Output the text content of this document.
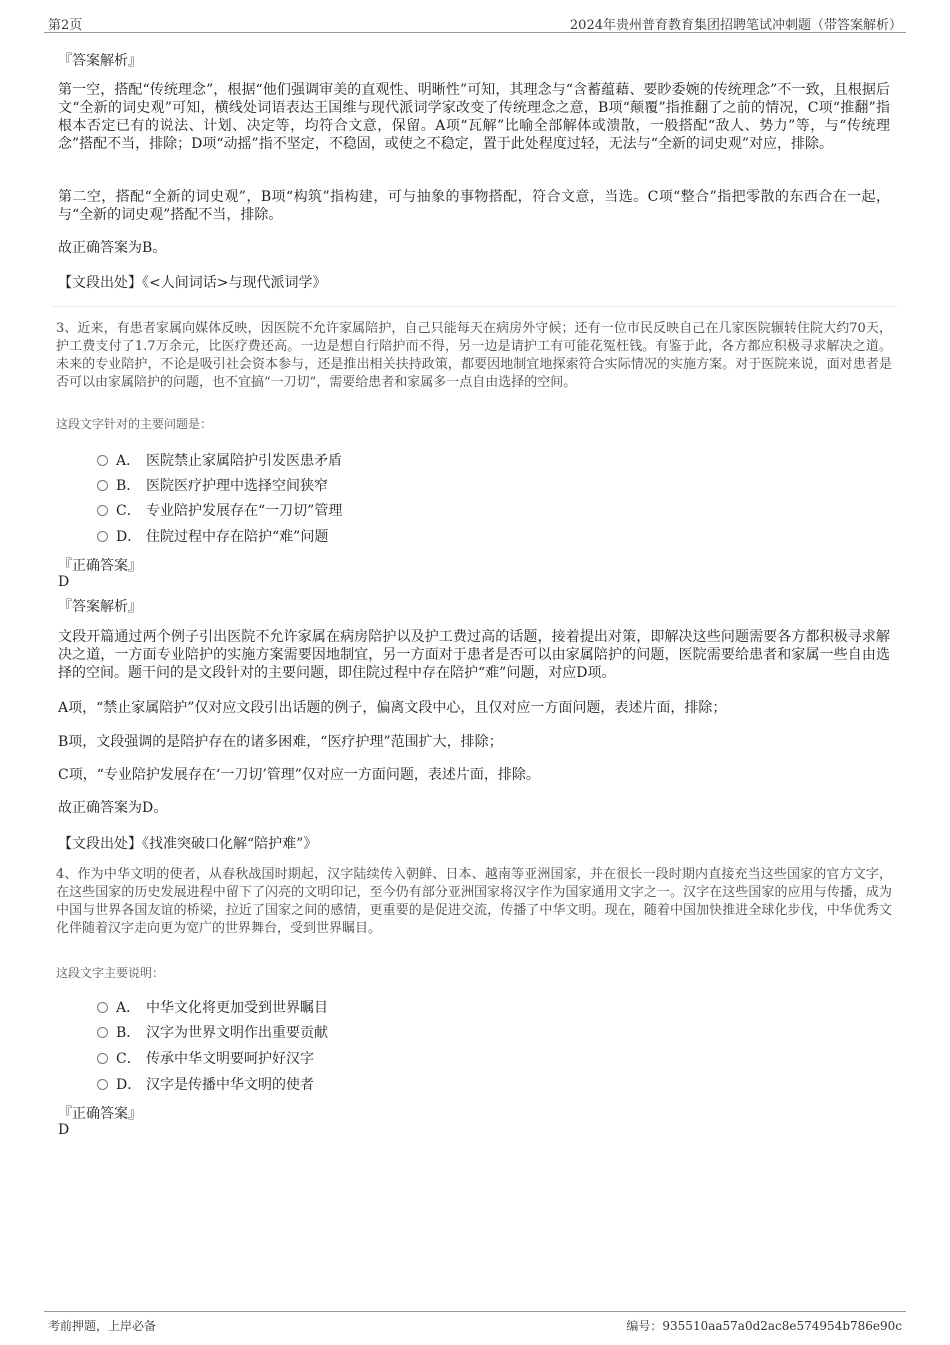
第2页	2024年贵州普育教育集团招聘笔试冲刺题（带答案解析）
『答案解析』
第一空，搭配“传统理念”，根据“他们强调审美的直观性、明晰性”可知，其理念与“含蓄蕴藉、要眇委婉的传统理念”不一致，且根据后文“全新的词史观”可知，横线处词语表达王国维与现代派词学家改变了传统理念之意，B项“颠覆”指推翻了之前的情况，C项“推翻”指根本否定已有的说法、计划、决定等，均符合文意，保留。A项“瓦解”比喻全部解体或溃散，一般搭配“敌人、势力”等，与“传统理念”搭配不当，排除；D项“动摇”指不坚定，不稳固，或使之不稳定，置于此处程度过轻，无法与“全新的词史观”对应，排除。
第二空，搭配“全新的词史观”，B项“构筑”指构建，可与抽象的事物搭配，符合文意，当选。C项“整合”指把零散的东西合在一起，与“全新的词史观”搭配不当，排除。
故正确答案为B。
【文段出处】《<人间词话>与现代派词学》
3、近来，有患者家属向媒体反映，因医院不允许家属陪护，自己只能每天在病房外守候；还有一位市民反映自己在几家医院辗转住院大约70天，护工费支付了1.7万余元，比医疗费还高。一边是想自行陪护而不得，另一边是请护工有可能花冤枉钱。有鉴于此，各方都应积极寻求解决之道。未来的专业陪护，不论是吸引社会资本参与，还是推出相关扶持政策，都要因地制宜地探索符合实际情况的实施方案。对于医院来说，面对患者是否可以由家属陪护的问题，也不宜搞“一刀切”，需要给患者和家属多一点自由选择的空间。
这段文字针对的主要问题是：
A． 医院禁止家属陪护引发医患矛盾
B． 医院医疗护理中选择空间狭窄
C． 专业陪护发展存在“一刀切”管理
D． 住院过程中存在陪护“难”问题
『正确答案』
D
『答案解析』
文段开篇通过两个例子引出医院不允许家属在病房陪护以及护工费过高的话题，接着提出对策，即解决这些问题需要各方都积极寻求解决之道，一方面专业陪护的实施方案需要因地制宜，另一方面对于患者是否可以由家属陪护的问题，医院需要给患者和家属一些自由选择的空间。题干问的是文段针对的主要问题，即住院过程中存在陪护“难”问题，对应D项。
A项，“禁止家属陪护”仅对应文段引出话题的例子，偏离文段中心，且仅对应一方面问题，表述片面，排除；
B项，文段强调的是陪护存在的诸多困难，“医疗护理”范围扩大，排除；
C项，“专业陪护发展存在‘一刀切’管理”仅对应一方面问题，表述片面，排除。
故正确答案为D。
【文段出处】《找准突破口化解“陪护难”》
4、作为中华文明的使者，从春秋战国时期起，汉字陆续传入朝鲜、日本、越南等亚洲国家，并在很长一段时期内直接充当这些国家的官方文字，在这些国家的历史发展进程中留下了闪亮的文明印记，至今仍有部分亚洲国家将汉字作为国家通用文字之一。汉字在这些国家的应用与传播，成为中国与世界各国友谊的桥梁，拉近了国家之间的感情，更重要的是促进交流，传播了中华文明。现在，随着中国加快推进全球化步伐，中华优秀文化伴随着汉字走向更为宽广的世界舞台，受到世界瞩目。
这段文字主要说明：
A． 中华文化将更加受到世界瞩目
B． 汉字为世界文明作出重要贡献
C． 传承中华文明要呵护好汉字
D． 汉字是传播中华文明的使者
『正确答案』
D
考前押题，上岸必备	编号：935510aa57a0d2ac8e574954b786e90c
